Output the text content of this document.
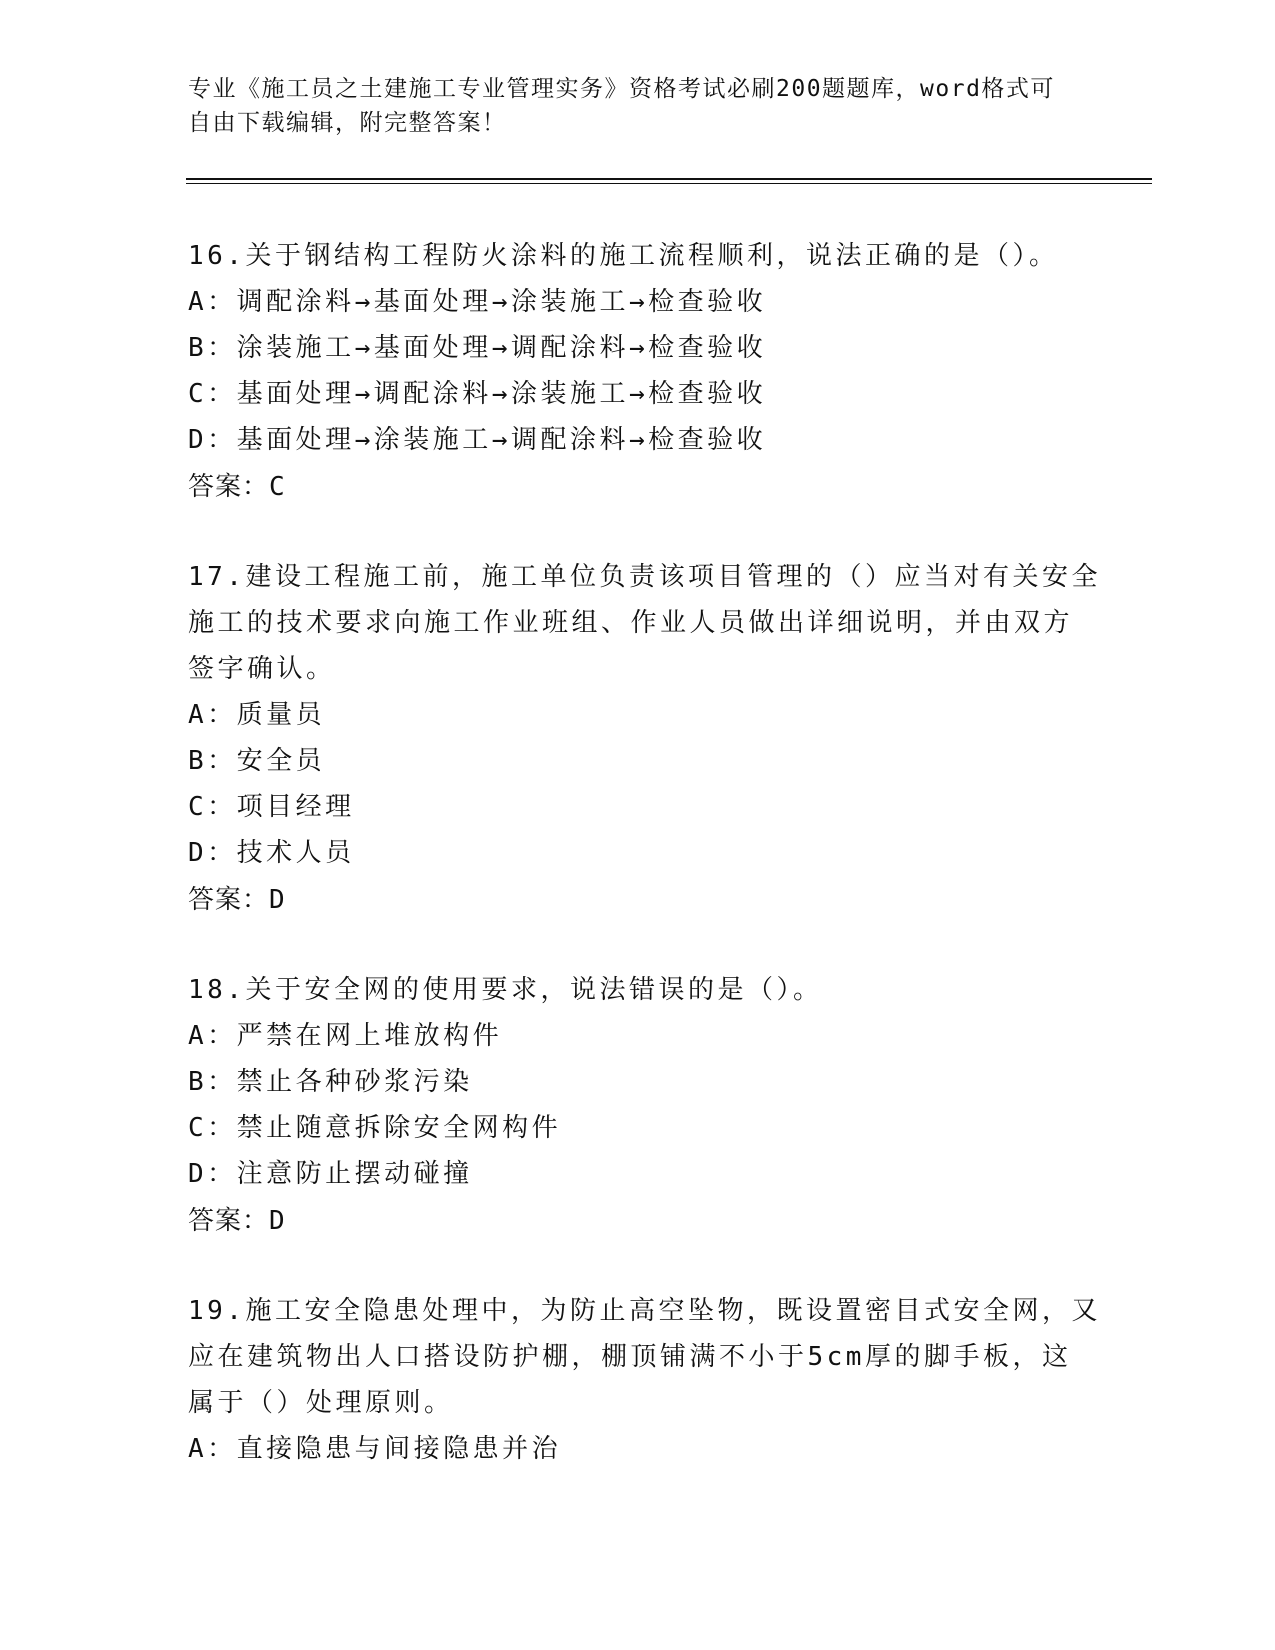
专业《施工员之土建施工专业管理实务》资格考试必刷200题题库，word格式可
自由下载编辑，附完整答案！
16.关于钢结构工程防火涂料的施工流程顺利，说法正确的是（）。
A：调配涂料→基面处理→涂装施工→检查验收
B：涂装施工→基面处理→调配涂料→检查验收
C：基面处理→调配涂料→涂装施工→检查验收
D：基面处理→涂装施工→调配涂料→检查验收
答案：C
17.建设工程施工前，施工单位负责该项目管理的（）应当对有关安全
施工的技术要求向施工作业班组、作业人员做出详细说明，并由双方
签字确认。
A：质量员
B：安全员
C：项目经理
D：技术人员
答案：D
18.关于安全网的使用要求，说法错误的是（）。
A：严禁在网上堆放构件
B：禁止各种砂浆污染
C：禁止随意拆除安全网构件
D：注意防止摆动碰撞
答案：D
19.施工安全隐患处理中，为防止高空坠物，既设置密目式安全网，又
应在建筑物出人口搭设防护棚，棚顶铺满不小于5cm厚的脚手板，这
属于（）处理原则。
A：直接隐患与间接隐患并治
